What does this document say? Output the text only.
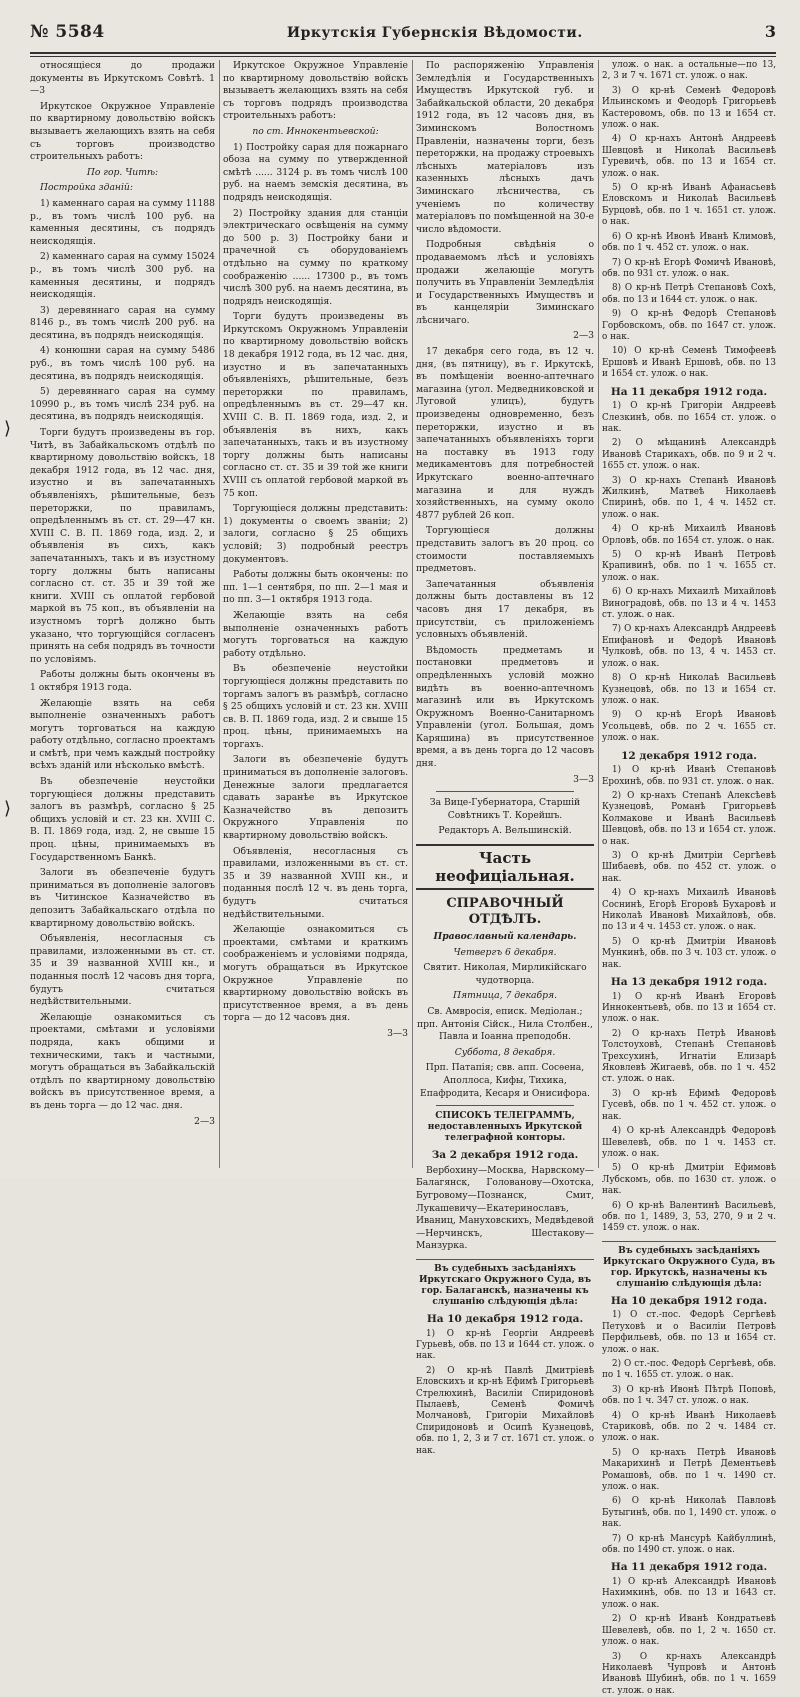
№ 5584	Иркутскія Губернскія Вѣдомости.	3
⟩
⟩

относящіеся до продажи документы въ Иркутскомъ Совѣтѣ. 1—3

Иркутское Окружное Управленіе по квартирному довольствію войскъ вызываетъ желающихъ взять на себя съ торговъ производство строительныхъ работъ:

По гор. Читѣ:

Постройка зданій:

1) каменнаго сарая на сумму 11188 р., въ томъ числѣ 100 руб. на каменныя десятины, съ подрядъ неискодящія.

2) каменнаго сарая на сумму 15024 р., въ томъ числѣ 300 руб. на каменныя десятины, и подрядъ неискодящія.

3) деревяннаго сарая на сумму 8146 р., въ томъ числѣ 200 руб. на десятина, въ подрядъ неискодящія.

4) конюшни сарая на сумму 5486 руб., въ томъ числѣ 100 руб. на десятина, въ подрядъ неискодящія.

5) деревяннаго сарая на сумму 10990 р., въ томъ числѣ 234 руб. на десятина, въ подрядъ неискодящія.

Торги будутъ произведены въ гор. Читѣ, въ Забайкальскомъ отдѣлѣ по квартирному довольствію войскъ, 18 декабря 1912 года, въ 12 час. дня, изустно и въ запечатанныхъ объявленіяхъ, рѣшительные, безъ переторжки, по правиламъ, опредѣленнымъ въ ст. ст. 29—47 кн. XVIII С. В. П. 1869 года, изд. 2, и объявленія въ сихъ, какъ запечатанныхъ, такъ и въ изустному торгу должны быть написаны согласно ст. ст. 35 и 39 той же книги. XVIII съ оплатой гербовой маркой въ 75 коп., въ объявленіи на изустномъ торгѣ должно быть указано, что торгующійся согласенъ принять на себя подрядъ въ точности по условіямъ.

Работы должны быть окончены въ 1 октября 1913 года.

Желающіе взять на себя выполненіе означенныхъ работъ могутъ торговаться на каждую работу отдѣльно, согласно проектамъ и смѣтѣ, при чемъ каждый постройку всѣхъ зданій или нѣсколько вмѣстѣ.

Въ обезпеченіе неустойки торгующіеся должны представить залогъ въ размѣрѣ, согласно § 25 общихъ условій и ст. 23 кн. XVIII С. В. П. 1869 года, изд. 2, не свыше 15 проц. цѣны, принимаемыхъ въ Государственномъ Банкѣ.

Залоги въ обезпеченіе будутъ приниматься въ дополненіе залоговъ въ Читинское Казначейство въ депозитъ Забайкальскаго отдѣла по квартирному довольствію войскъ.

Объявленія, несогласныя съ правилами, изложенными въ ст. ст. 35 и 39 названной XVIII кн., и поданныя послѣ 12 часовъ дня торга, будутъ считаться недѣйствительными.

Желающіе ознакомиться съ проектами, смѣтами и условіями подряда, какъ общими и техническими, такъ и частными, могутъ обращаться въ Забайкальскій отдѣлъ по квартирному довольствію войскъ въ присутственное время, а въ день торга — до 12 час. дня.

2—3

Иркутское Окружное Управленіе по квартирному довольствію войскъ вызываетъ желающихъ взять на себя съ торговъ подрядъ производства строительныхъ работъ:

по ст. Иннокентьевской:

1) Постройку сарая для пожарнаго обоза на сумму по утвержденной смѣтѣ ...... 3124 р. въ томъ числѣ 100 руб. на наемъ земскія десятина, въ подрядъ неискодящія.

2) Постройку здания для станціи электрическаго освѣщенія на сумму до 500 р. 3) Постройку бани и прачечной съ оборудованіемъ отдѣльно на сумму по краткому соображенію ...... 17300 р., въ томъ числѣ 300 руб. на наемъ десятина, въ подрядъ неискодящія.

Торги будутъ произведены въ Иркутскомъ Окружномъ Управленіи по квартирному довольствію войскъ 18 декабря 1912 года, въ 12 час. дня, изустно и въ запечатанныхъ объявленіяхъ, рѣшительные, безъ переторжки по правиламъ, опредѣленнымъ въ ст. 29—47 кн. XVIII С. В. П. 1869 года, изд. 2, и объявленія въ нихъ, какъ запечатанныхъ, такъ и въ изустному торгу должны быть написаны согласно ст. ст. 35 и 39 той же книги XVIII съ оплатой гербовой маркой въ 75 коп.

Торгующіеся должны представить: 1) документы о своемъ званіи; 2) залоги, согласно § 25 общихъ условій; 3) подробный реестръ документовъ.

Работы должны быть окончены: по пп. 1—1 сентября, по пп. 2—1 мая и по пп. 3—1 октября 1913 года.

Желающіе взять на себя выполненіе означенныхъ работъ могутъ торговаться на каждую работу отдѣльно.

Въ обезпеченіе неустойки торгующіеся должны представить по торгамъ залогъ въ размѣрѣ, согласно § 25 общихъ условій и ст. 23 кн. XVIII св. В. П. 1869 года, изд. 2 и свыше 15 проц. цѣны, принимаемыхъ на торгахъ.

Залоги въ обезпеченіе будутъ приниматься въ дополненіе залоговъ. Денежные залоги предлагается сдавать заранѣе въ Иркутское Казначейство въ депозитъ Окружного Управленія по квартирному довольствію войскъ.

Объявленія, несогласныя съ правилами, изложенными въ ст. ст. 35 и 39 названной XVIII кн., и поданныя послѣ 12 ч. въ день торга, будутъ считаться недѣйствительными.

Желающіе ознакомиться съ проектами, смѣтами и краткимъ соображеніемъ и условіями подряда, могутъ обращаться въ Иркутское Окружное Управленіе по квартирному довольствію войскъ въ присутственное время, а въ день торга — до 12 часовъ дня.

3—3

По распоряженію Управленія Земледѣлія и Государственныхъ Имуществъ Иркутской губ. и Забайкальской области, 20 декабря 1912 года, въ 12 часовъ дня, въ Зиминскомъ Волостномъ Правленіи, назначены торги, безъ переторжки, на продажу строевыхъ лѣсныхъ матеріаловъ изъ казенныхъ лѣсныхъ дачъ Зиминскаго лѣсничества, съ ученіемъ по количеству матеріаловъ по помѣщенной на 30-е число вѣдомости.

Подробныя свѣдѣнія о продаваемомъ лѣсѣ и условіяхъ продажи желающіе могутъ получить въ Управленіи Земледѣлія и Государственныхъ Имуществъ и въ канцеляріи Зиминскаго лѣсничаго.

2—3

17 декабря сего года, въ 12 ч. дня, (въ пятницу), въ г. Иркутскѣ, въ помѣщеніи военно-аптечнаго магазина (угол. Медведниковской и Луговой улицъ), будутъ произведены одновременно, безъ переторжки, изустно и въ запечатанныхъ объявленіяхъ торги на поставку въ 1913 году медикаментовъ для потребностей Иркутскаго военно-аптечнаго магазина и для нуждъ хозяйственныхъ, на сумму около 4877 рублей 26 коп.

Торгующіеся должны представить залогъ въ 20 проц. со стоимости поставляемыхъ предметовъ.

Запечатанныя объявленія должны быть доставлены въ 12 часовъ дня 17 декабря, въ присутствіи, съ приложеніемъ условныхъ объявленій.

Вѣдомость предметамъ и постановки предметовъ и опредѣленныхъ условій можно видѣть въ военно-аптечномъ магазинѣ или въ Иркутскомъ Окружномъ Военно-Санитарномъ Управленіи (угол. Большая, домъ Каряшина) въ присутственное время, а въ день торга до 12 часовъ дня.

3—3

За Вице-Губернатора, Старшій Совѣтникъ Т. Корейшъ.

Редакторъ А. Вельшинскій.

Часть неофиціальная.
СПРАВОЧНЫЙ ОТДѢЛЪ.

Православный календарь.

Четвергъ 6 декабря.

Святит. Николая, Мирликійскаго чудотворца.

Пятница, 7 декабря.

Св. Амвросія, еписк. Медіолан.; прп. Антонія Сійск., Нила Столбен., Павла и Іоанна преподобн.

Суббота, 8 декабря.

Прп. Патапія; свв. апп. Сосѳена, Аполлоса, Кифы, Тихика, Епафродита, Кесаря и Онисифора.

СПИСОКЪ ТЕЛЕГРАММЪ, недоставленныхъ Иркутской телеграфной конторы.
За 2 декабря 1912 года.

Вербохину—Москва, Нарвскому—Балагянск, Голованову—Охотска, Бугровому—Познанск, Смит, Лукашевичу—Екатеринославъ, Иваниц, Мануховскихъ, Медвѣдевой—Нерчинскъ, Шестакову—Манзурка.

Въ судебныхъ засѣданіяхъ Иркутскаго Окружного Суда, въ гор. Балаганскѣ, назначены къ слушанію слѣдующія дѣла:
На 10 декабря 1912 года.

1) О кр-нѣ Георгіи Андреевѣ Гурьевѣ, обв. по 13 и 1644 ст. улож. о нак.

2) О кр-нѣ Павлѣ Дмитріевѣ Еловскихъ и кр-нѣ Ефимѣ Григорьевѣ Стрелюхинѣ, Василіи Спиридоновѣ Пылаевѣ, Семенѣ Фомичѣ Молчановѣ, Григоріи Михайловѣ Спиридоновѣ и Осипѣ Кузнецовѣ, обв. по 1, 2, 3 и 7 ст. 1671 ст. улож. о нак.

улож. о нак. а остальные—по 13, 2, 3 и 7 ч. 1671 ст. улож. о нак.

3) О кр-нѣ Семенѣ Федоровѣ Ильинскомъ и Феодорѣ Григорьевѣ Кастеровомъ, обв. по 13 и 1654 ст. улож. о нак.

4) О кр-нахъ Антонѣ Андреевѣ Шевцовѣ и Николаѣ Васильевѣ Гуревичѣ, обв. по 13 и 1654 ст. улож. о нак.

5) О кр-нѣ Иванѣ Афанасьевѣ Еловскомъ и Николаѣ Васильевѣ Бурцовѣ, обв. по 1 ч. 1651 ст. улож. о нак.

6) О кр-нѣ Ивонѣ Иванѣ Климовѣ, обв. по 1 ч. 452 ст. улож. о нак.

7) О кр-нѣ Егорѣ Фомичѣ Ивановѣ, обв. по 931 ст. улож. о нак.

8) О кр-нѣ Петрѣ Степановѣ Сохѣ, обв. по 13 и 1644 ст. улож. о нак.

9) О кр-нѣ Федорѣ Степановѣ Горбовскомъ, обв. по 1647 ст. улож. о нак.

10) О кр-нѣ Семенѣ Тимофеевѣ Ершовѣ и Иванѣ Ершовѣ, обв. по 13 и 1654 ст. улож. о нак.

На 11 декабря 1912 года.

1) О кр-нѣ Григоріи Андреевѣ Слезкинѣ, обв. по 1654 ст. улож. о нак.

2) О мѣщанинѣ Александрѣ Ивановѣ Старикахъ, обв. по 9 и 2 ч. 1655 ст. улож. о нак.

3) О кр-нахъ Степанѣ Ивановѣ Жилкинѣ, Матвеѣ Николаевѣ Спиринѣ, обв. по 1, 4 ч. 1452 ст. улож. о нак.

4) О кр-нѣ Михаилѣ Ивановѣ Орловѣ, обв. по 1654 ст. улож. о нак.

5) О кр-нѣ Иванѣ Петровѣ Крапивинѣ, обв. по 1 ч. 1655 ст. улож. о нак.

6) О кр-нахъ Михаилѣ Михайловѣ Виноградовѣ, обв. по 13 и 4 ч. 1453 ст. улож. о нак.

7) О кр-нахъ Александрѣ Андреевѣ Епифановѣ и Федорѣ Ивановѣ Чулковѣ, обв. по 13, 4 ч. 1453 ст. улож. о нак.

8) О кр-нѣ Николаѣ Васильевѣ Кузнецовѣ, обв. по 13 и 1654 ст. улож. о нак.

9) О кр-нѣ Егорѣ Ивановѣ Усольцевѣ, обв. по 2 ч. 1655 ст. улож. о нак.

12 декабря 1912 года.

1) О кр-нѣ Иванѣ Степановѣ Ерохинѣ, обв. по 931 ст. улож. о нак.

2) О кр-нахъ Степанѣ Алексѣевѣ Кузнецовѣ, Романѣ Григорьевѣ Колмакове и Иванѣ Васильевѣ Шевцовѣ, обв. по 13 и 1654 ст. улож. о нак.

3) О кр-нѣ Дмитріи Сергѣевѣ Шибаевѣ, обв. по 452 ст. улож. о нак.

4) О кр-нахъ Михаилѣ Ивановѣ Соснинѣ, Егорѣ Егоровѣ Бухаровѣ и Николаѣ Ивановѣ Михайловѣ, обв. по 13 и 4 ч. 1453 ст. улож. о нак.

5) О кр-нѣ Дмитріи Ивановѣ Мункинѣ, обв. по 3 ч. 103 ст. улож. о нак.

На 13 декабря 1912 года.

1) О кр-нѣ Иванѣ Егоровѣ Иннокентьевѣ, обв. по 13 и 1654 ст. улож. о нак.

2) О кр-нахъ Петрѣ Ивановѣ Толстоуховѣ, Степанѣ Степановѣ Трехсухинѣ, Игнатіи Елизарѣ Яковлевѣ Жигаевѣ, обв. по 1 ч. 452 ст. улож. о нак.

3) О кр-нѣ Ефимѣ Федоровѣ Гусевѣ, обв. по 1 ч. 452 ст. улож. о нак.

4) О кр-нѣ Александрѣ Федоровѣ Шевелевѣ, обв. по 1 ч. 1453 ст. улож. о нак.

5) О кр-нѣ Дмитріи Ефимовѣ Лубскомъ, обв. по 1630 ст. улож. о нак.

6) О кр-нѣ Валентинѣ Васильевѣ, обв. по 1, 1489, 3, 53, 270, 9 и 2 ч. 1459 ст. улож. о нак.

Въ судебныхъ засѣданіяхъ Иркутскаго Окружного Суда, въ гор. Иркутскѣ, назначены къ слушанію слѣдующія дѣла:
На 10 декабря 1912 года.

1) О ст.-пос. Федорѣ Сергѣевѣ Петуховѣ и о Василіи Петровѣ Перфильевѣ, обв. по 13 и 1654 ст. улож. о нак.

2) О ст.-пос. Федорѣ Сергѣевѣ, обв. по 1 ч. 1655 ст. улож. о нак.

3) О кр-нѣ Ивонѣ Пѣтрѣ Поповѣ, обв. по 1 ч. 347 ст. улож. о нак.

4) О кр-нѣ Иванѣ Николаевѣ Стариковѣ, обв. по 2 ч. 1484 ст. улож. о нак.

5) О кр-нахъ Петрѣ Ивановѣ Макарихинѣ и Петрѣ Дементьевѣ Ромашовѣ, обв. по 1 ч. 1490 ст. улож. о нак.

6) О кр-нѣ Николаѣ Павловѣ Бутыгинѣ, обв. по 1, 1490 ст. улож. о нак.

7) О кр-нѣ Мансурѣ Кайбуллинѣ, обв. по 1490 ст. улож. о нак.

На 11 декабря 1912 года.

1) О кр-нѣ Александрѣ Ивановѣ Нахимкинѣ, обв. по 13 и 1643 ст. улож. о нак.

2) О кр-нѣ Иванѣ Кондратьевѣ Шевелевѣ, обв. по 1, 2 ч. 1650 ст. улож. о нак.

3) О кр-нахъ Александрѣ Николаевѣ Чупровѣ и Антонѣ Ивановѣ Шубинѣ, обв. по 1 ч. 1659 ст. улож. о нак.
